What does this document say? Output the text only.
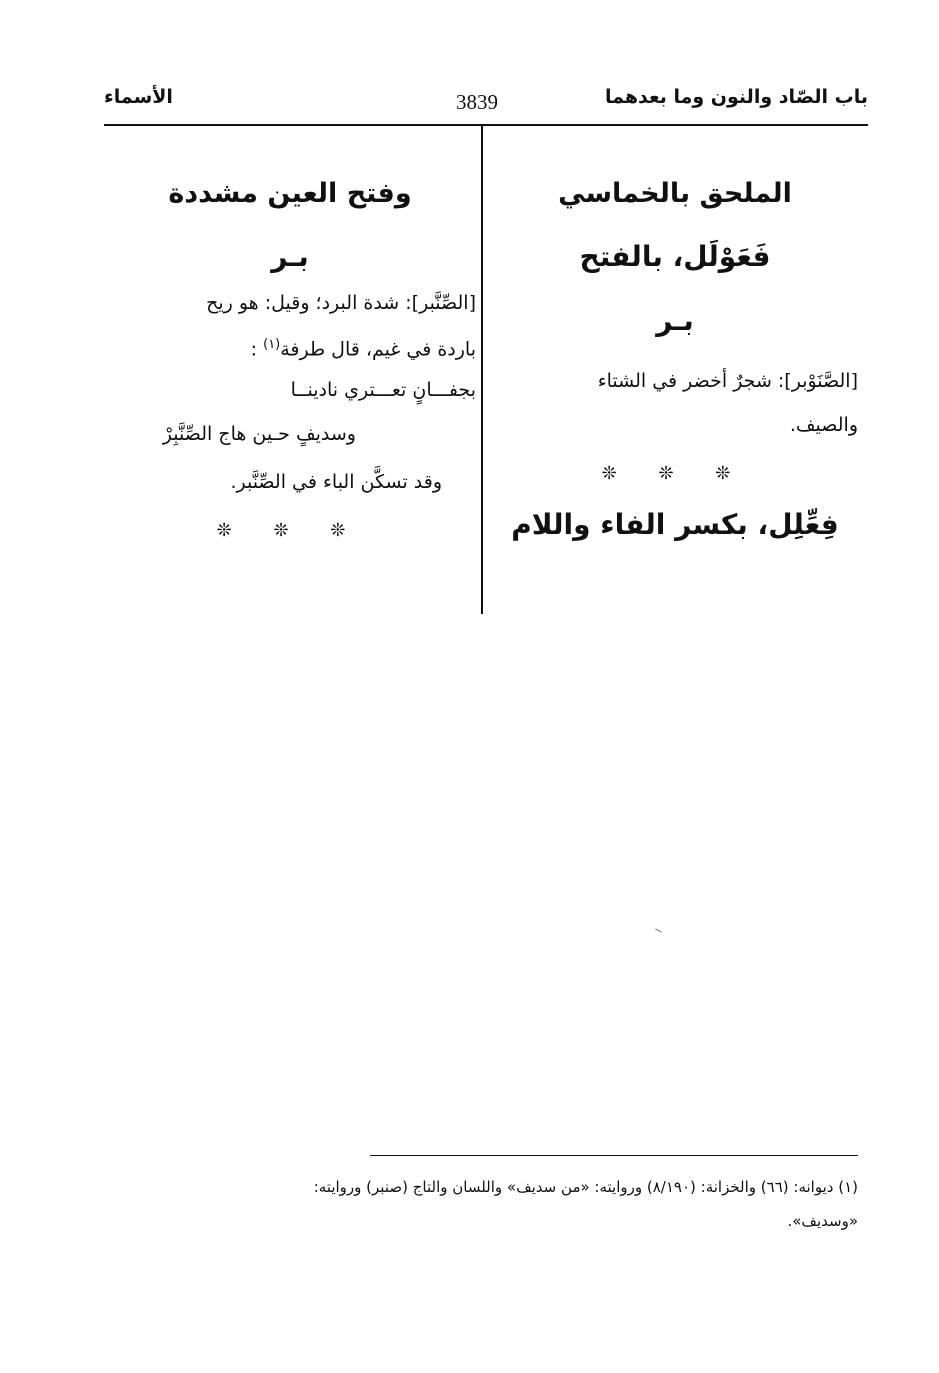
باب الصّاد والنون وما بعدهما
3839
الأسماء
الملحق بالخماسي
فَعَوْلَل، بالفتح
بـر
[الصَّنَوْبر]: شجرٌ أخضر في الشتاء
والصيف.
❊ ❊ ❊
فِعِّلِل، بكسر الفاء واللام
وفتح العين مشددة
بـر
[الصِّنَّبر]: شدة البرد؛ وقيل: هو ريح
باردة في غيم، قال طرفة$^{(١)}$ :
بجفـــانٍ تعـــتري نادينــا
وسديفٍ حـين هاج الصِّنَّبِرْ
وقد تسكَّن الباء في الصِّنَّبر.
❊ ❊ ❊
(١) ديوانه: (٦٦) والخزانة: (٨/١٩٠) وروايته: «من سديف» واللسان والتاج (صنبر) وروايته:
«وسديف».
